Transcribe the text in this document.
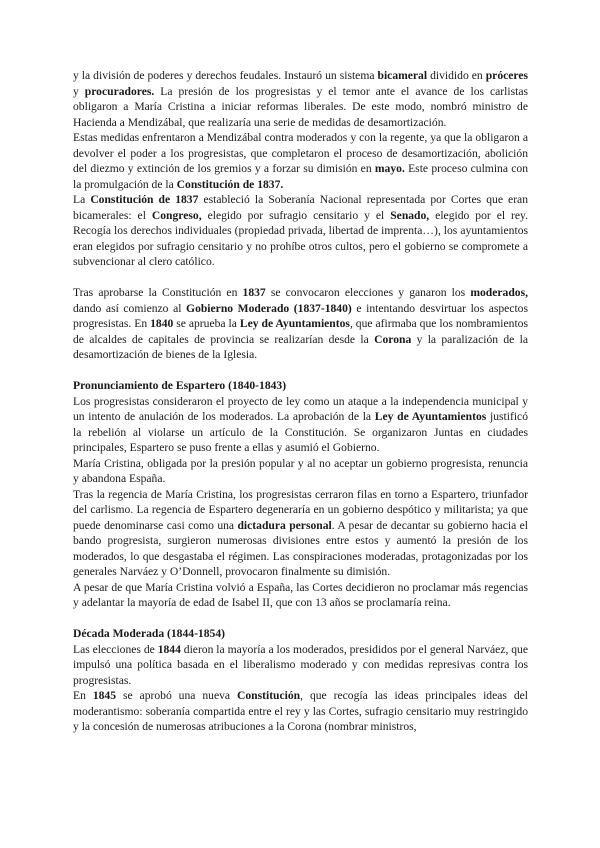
y la división de poderes y derechos feudales. Instauró un sistema bicameral dividido en próceres y procuradores. La presión de los progresistas y el temor ante el avance de los carlistas obligaron a María Cristina a iniciar reformas liberales. De este modo, nombró ministro de Hacienda a Mendizábal, que realizaría una serie de medidas de desamortización.

Estas medidas enfrentaron a Mendizábal contra moderados y con la regente, ya que la obligaron a devolver el poder a los progresistas, que completaron el proceso de desamortización, abolición del diezmo y extinción de los gremios y a forzar su dimisión en mayo. Este proceso culmina con la promulgación de la Constitución de 1837.

La Constitución de 1837 estableció la Soberanía Nacional representada por Cortes que eran bicamerales: el Congreso, elegido por sufragio censitario y el Senado, elegido por el rey. Recogía los derechos individuales (propiedad privada, libertad de imprenta…), los ayuntamientos eran elegidos por sufragio censitario y no prohíbe otros cultos, pero el gobierno se compromete a subvencionar al clero católico.

Tras aprobarse la Constitución en 1837 se convocaron elecciones y ganaron los moderados, dando así comienzo al Gobierno Moderado (1837-1840) e intentando desvirtuar los aspectos progresistas. En 1840 se aprueba la Ley de Ayuntamientos, que afirmaba que los nombramientos de alcaldes de capitales de provincia se realizarían desde la Corona y la paralización de la desamortización de bienes de la Iglesia.

Pronunciamiento de Espartero (1840-1843)

Los progresistas consideraron el proyecto de ley como un ataque a la independencia municipal y un intento de anulación de los moderados. La aprobación de la Ley de Ayuntamientos justificó la rebelión al violarse un artículo de la Constitución. Se organizaron Juntas en ciudades principales, Espartero se puso frente a ellas y asumió el Gobierno.

María Cristina, obligada por la presión popular y al no aceptar un gobierno progresista, renuncia y abandona España.

Tras la regencia de María Cristina, los progresistas cerraron filas en torno a Espartero, triunfador del carlismo. La regencia de Espartero degeneraría en un gobierno despótico y militarista; ya que puede denominarse casi como una dictadura personal. A pesar de decantar su gobierno hacia el bando progresista, surgieron numerosas divisiones entre estos y aumentó la presión de los moderados, lo que desgastaba el régimen. Las conspiraciones moderadas, protagonizadas por los generales Narváez y O’Donnell, provocaron finalmente su dimisión.

A pesar de que María Cristina volvió a España, las Cortes decidieron no proclamar más regencias y adelantar la mayoría de edad de Isabel II, que con 13 años se proclamaría reina.

Década Moderada (1844-1854)

Las elecciones de 1844 dieron la mayoría a los moderados, presididos por el general Narváez, que impulsó una política basada en el liberalismo moderado y con medidas represivas contra los progresistas.

En 1845 se aprobó una nueva Constitución, que recogía las ideas principales ideas del moderantismo: soberanía compartida entre el rey y las Cortes, sufragio censitario muy restringido y la concesión de numerosas atribuciones a la Corona (nombrar ministros,
